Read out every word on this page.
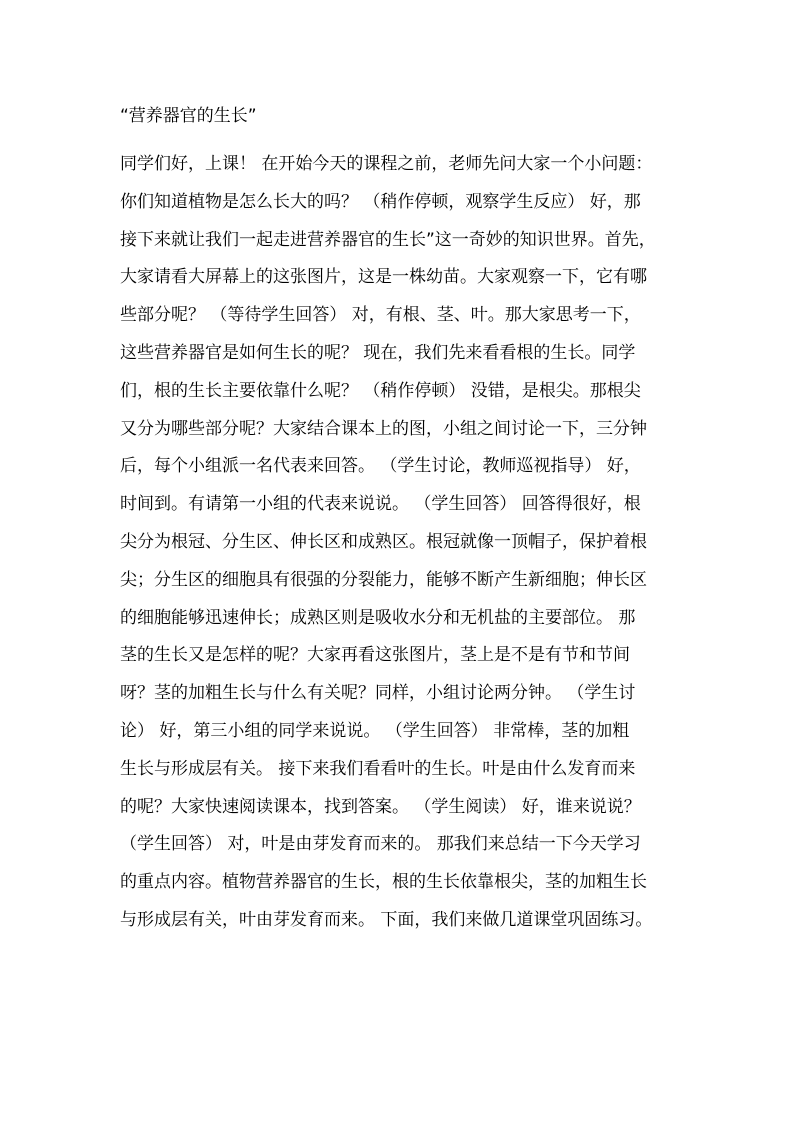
“营养器官的生长”
同学们好，上课！ 在开始今天的课程之前，老师先问大家一个小问题：
你们知道植物是怎么长大的吗？ （稍作停顿，观察学生反应） 好，那
接下来就让我们一起走进营养器官的生长”这一奇妙的知识世界。首先，
大家请看大屏幕上的这张图片，这是一株幼苗。大家观察一下，它有哪
些部分呢？ （等待学生回答） 对，有根、茎、叶。那大家思考一下，
这些营养器官是如何生长的呢？ 现在，我们先来看看根的生长。同学
们，根的生长主要依靠什么呢？ （稍作停顿） 没错，是根尖。那根尖
又分为哪些部分呢？大家结合课本上的图，小组之间讨论一下，三分钟
后，每个小组派一名代表来回答。 （学生讨论，教师巡视指导） 好，
时间到。有请第一小组的代表来说说。 （学生回答） 回答得很好，根
尖分为根冠、分生区、伸长区和成熟区。根冠就像一顶帽子，保护着根
尖；分生区的细胞具有很强的分裂能力，能够不断产生新细胞；伸长区
的细胞能够迅速伸长；成熟区则是吸收水分和无机盐的主要部位。 那
茎的生长又是怎样的呢？大家再看这张图片，茎上是不是有节和节间
呀？茎的加粗生长与什么有关呢？同样，小组讨论两分钟。 （学生讨
论） 好，第三小组的同学来说说。 （学生回答） 非常棒，茎的加粗
生长与形成层有关。 接下来我们看看叶的生长。叶是由什么发育而来
的呢？大家快速阅读课本，找到答案。 （学生阅读） 好，谁来说说？
（学生回答） 对，叶是由芽发育而来的。 那我们来总结一下今天学习
的重点内容。植物营养器官的生长，根的生长依靠根尖，茎的加粗生长
与形成层有关，叶由芽发育而来。 下面，我们来做几道课堂巩固练习。
